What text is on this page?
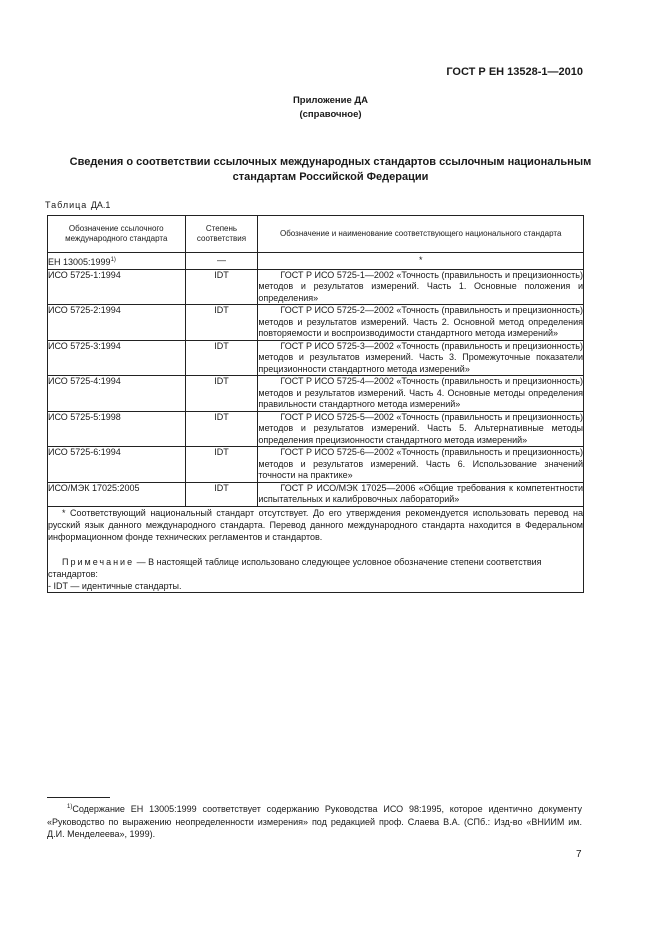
ГОСТ Р ЕН 13528-1—2010
Приложение ДА
(справочное)
Сведения о соответствии ссылочных международных стандартов ссылочным национальным стандартам Российской Федерации
Таблица ДА.1
Обозначение ссылочного международного стандарта	Степень соответствия	Обозначение и наименование соответствующего национального стандарта
ЕН 13005:1999$^{1)}$	—	*
ИСО 5725-1:1994	IDT	ГОСТ Р ИСО 5725-1—2002 «Точность (правильность и прецизионность) методов и результатов измерений. Часть 1. Основные положения и определения»

ИСО 5725-2:1994	IDT	ГОСТ Р ИСО 5725-2—2002 «Точность (правильность и прецизионность) методов и результатов измерений. Часть 2. Основной метод определения повторяемости и воспроизводимости стандартного метода измерений»

ИСО 5725-3:1994	IDT	ГОСТ Р ИСО 5725-3—2002 «Точность (правильность и прецизионность) методов и результатов измерений. Часть 3. Промежуточные показатели прецизионности стандартного метода измерений»

ИСО 5725-4:1994	IDT	ГОСТ Р ИСО 5725-4—2002 «Точность (правильность и прецизионность) методов и результатов измерений. Часть 4. Основные методы определения правильности стандартного метода измерений»

ИСО 5725-5:1998	IDT	ГОСТ Р ИСО 5725-5—2002 «Точность (правильность и прецизионность) методов и результатов измерений. Часть 5. Альтернативные методы определения прецизионности стандартного метода измерений»

ИСО 5725-6:1994	IDT	ГОСТ Р ИСО 5725-6—2002 «Точность (правильность и прецизионность) методов и результатов измерений. Часть 6. Использование значений точности на практике»

ИСО/МЭК 17025:2005	IDT	ГОСТ Р ИСО/МЭК 17025—2006 «Общие требования к компетентности испытательных и калибровочных лабораторий»

* Соответствующий национальный стандарт отсутствует. До его утверждения рекомендуется использовать перевод на русский язык данного международного стандарта. Перевод данного международного стандарта находится в Федеральном информационном фонде технических регламентов и стандартов.
Примечание — В настоящей таблице использовано следующее условное обозначение степени соответствия стандартов:
- IDT — идентичные стандарты.		
$^{1)}$Содержание ЕН 13005:1999 соответствует содержанию Руководства ИСО 98:1995, которое идентично документу «Руководство по выражению неопределенности измерения» под редакцией проф. Слаева В.А. (СПб.: Изд-во «ВНИИМ им. Д.И. Менделеева», 1999).
7
